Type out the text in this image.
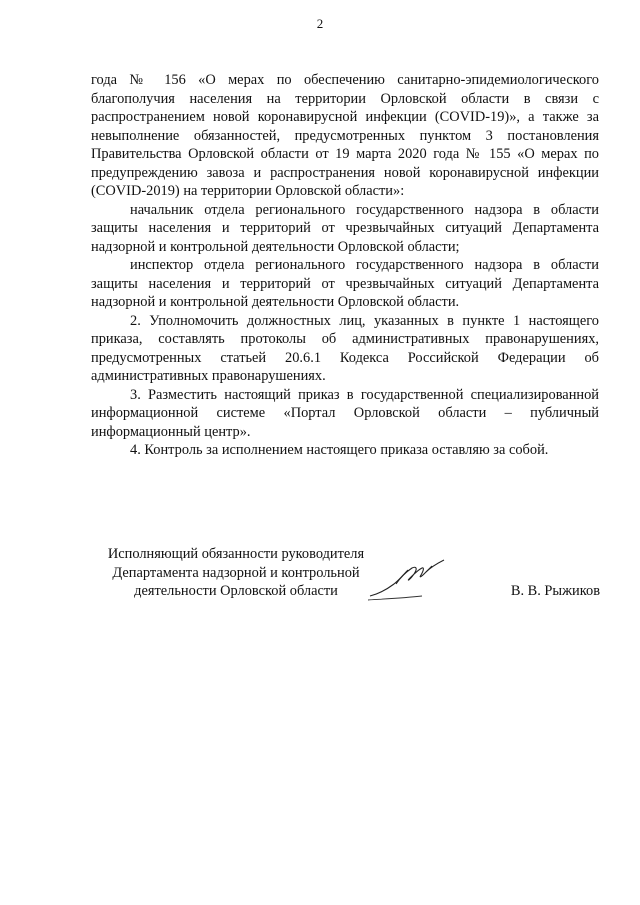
2

года № 156 «О мерах по обеспечению санитарно-эпидемиологического благополучия населения на территории Орловской области в связи с распространением новой коронавирусной инфекции (COVID-19)», а также за невыполнение обязанностей, предусмотренных пунктом 3 постановления Правительства Орловской области от 19 марта 2020 года № 155 «О мерах по предупреждению завоза и распространения новой коронавирусной инфекции (COVID-2019) на территории Орловской области»:

начальник отдела регионального государственного надзора в области защиты населения и территорий от чрезвычайных ситуаций Департамента надзорной и контрольной деятельности Орловской области;

инспектор отдела регионального государственного надзора в области защиты населения и территорий от чрезвычайных ситуаций Департамента надзорной и контрольной деятельности Орловской области.

2. Уполномочить должностных лиц, указанных в пункте 1 настоящего приказа, составлять протоколы об административных правонарушениях, предусмотренных статьей 20.6.1 Кодекса Российской Федерации об административных правонарушениях.

3. Разместить настоящий приказ в государственной специализированной информационной системе «Портал Орловской области – публичный информационный центр».

4. Контроль за исполнением настоящего приказа оставляю за собой.

Исполняющий обязанности руководителя
Департамента надзорной и контрольной
деятельности Орловской области	В. В. Рыжиков
